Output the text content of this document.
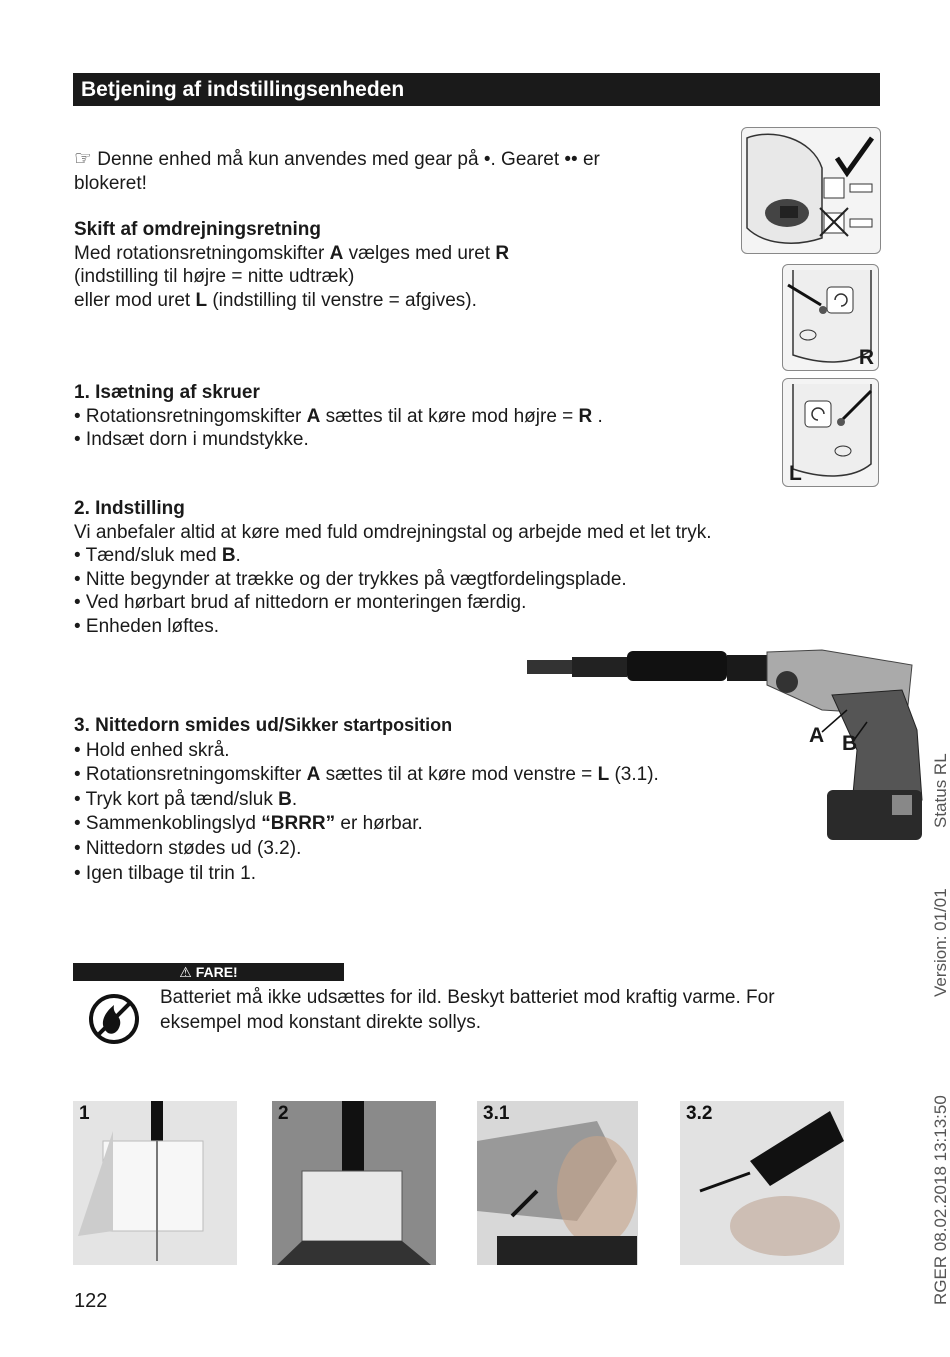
Betjening af indstillingsenheden
☞ Denne enhed må kun anvendes med gear på •. Gearet •• er
blokeret!
Skift af omdrejningsretning
Med rotationsretningomskifter A vælges med uret R
(indstilling til højre = nitte udtræk)
eller mod uret L (indstilling til venstre = afgives).
1. Isætning af skruer
• Rotationsretningomskifter A sættes til at køre mod højre = R .
• Indsæt dorn i mundstykke.
2. Indstilling
Vi anbefaler altid at køre med fuld omdrejningstal og arbejde med et let tryk.
• Tænd/sluk med B.
• Nitte begynder at trække og der trykkes på vægtfordelingsplade.
• Ved hørbart brud af nittedorn er monteringen færdig.
• Enheden løftes.
3. Nittedorn smides ud/Sikker startposition
• Hold enhed skrå.
• Rotationsretningomskifter A sættes til at køre mod venstre = L (3.1).
• Tryk kort på tænd/sluk B.
• Sammenkoblingslyd “BRRR” er hørbar.
• Nittedorn stødes ud (3.2).
• Igen tilbage til trin 1.
R
L
A B
⚠ FARE!
Batteriet må ikke udsættes for ild. Beskyt batteriet mod kraftig varme. For
eksempel mod konstant direkte sollys.
1	2	3.1	3.2
122
Status RL
Version: 01/01
RGER 08.02.2018 13:13:50
